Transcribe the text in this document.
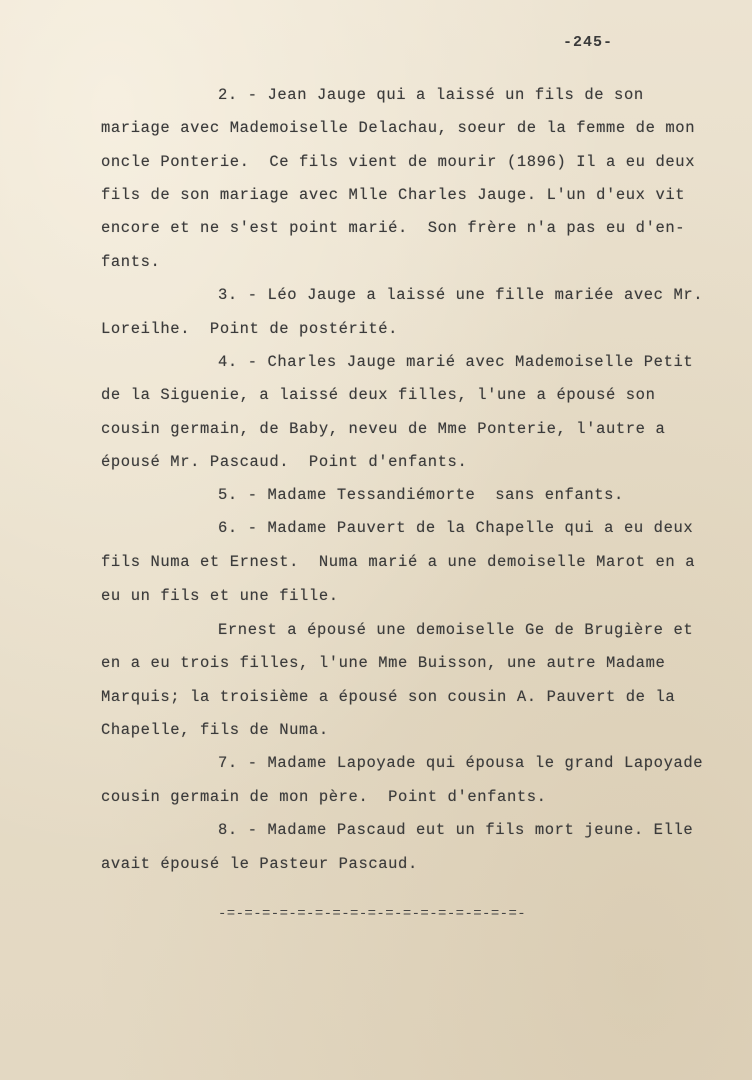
-245-
2. - Jean Jauge qui a laissé un fils de son
mariage avec Mademoiselle Delachau, soeur de la femme de mon
oncle Ponterie.  Ce fils vient de mourir (1896) Il a eu deux
fils de son mariage avec Mlle Charles Jauge. L'un d'eux vit
encore et ne s'est point marié.  Son frère n'a pas eu d'en-
fants.
3. - Léo Jauge a laissé une fille mariée avec Mr.
Loreilhe.  Point de postérité.
4. - Charles Jauge marié avec Mademoiselle Petit
de la Siguenie, a laissé deux filles, l'une a épousé son
cousin germain, de Baby, neveu de Mme Ponterie, l'autre a
épousé Mr. Pascaud.  Point d'enfants.
5. - Madame Tessandiémorte  sans enfants.
6. - Madame Pauvert de la Chapelle qui a eu deux
fils Numa et Ernest.  Numa marié a une demoiselle Marot en a
eu un fils et une fille.
Ernest a épousé une demoiselle Ge de Brugière et
en a eu trois filles, l'une Mme Buisson, une autre Madame
Marquis; la troisième a épousé son cousin A. Pauvert de la
Chapelle, fils de Numa.
7. - Madame Lapoyade qui épousa le grand Lapoyade
cousin germain de mon père.  Point d'enfants.
8. - Madame Pascaud eut un fils mort jeune. Elle
avait épousé le Pasteur Pascaud.
-=-=-=-=-=-=-=-=-=-=-=-=-=-=-=-=-=-
